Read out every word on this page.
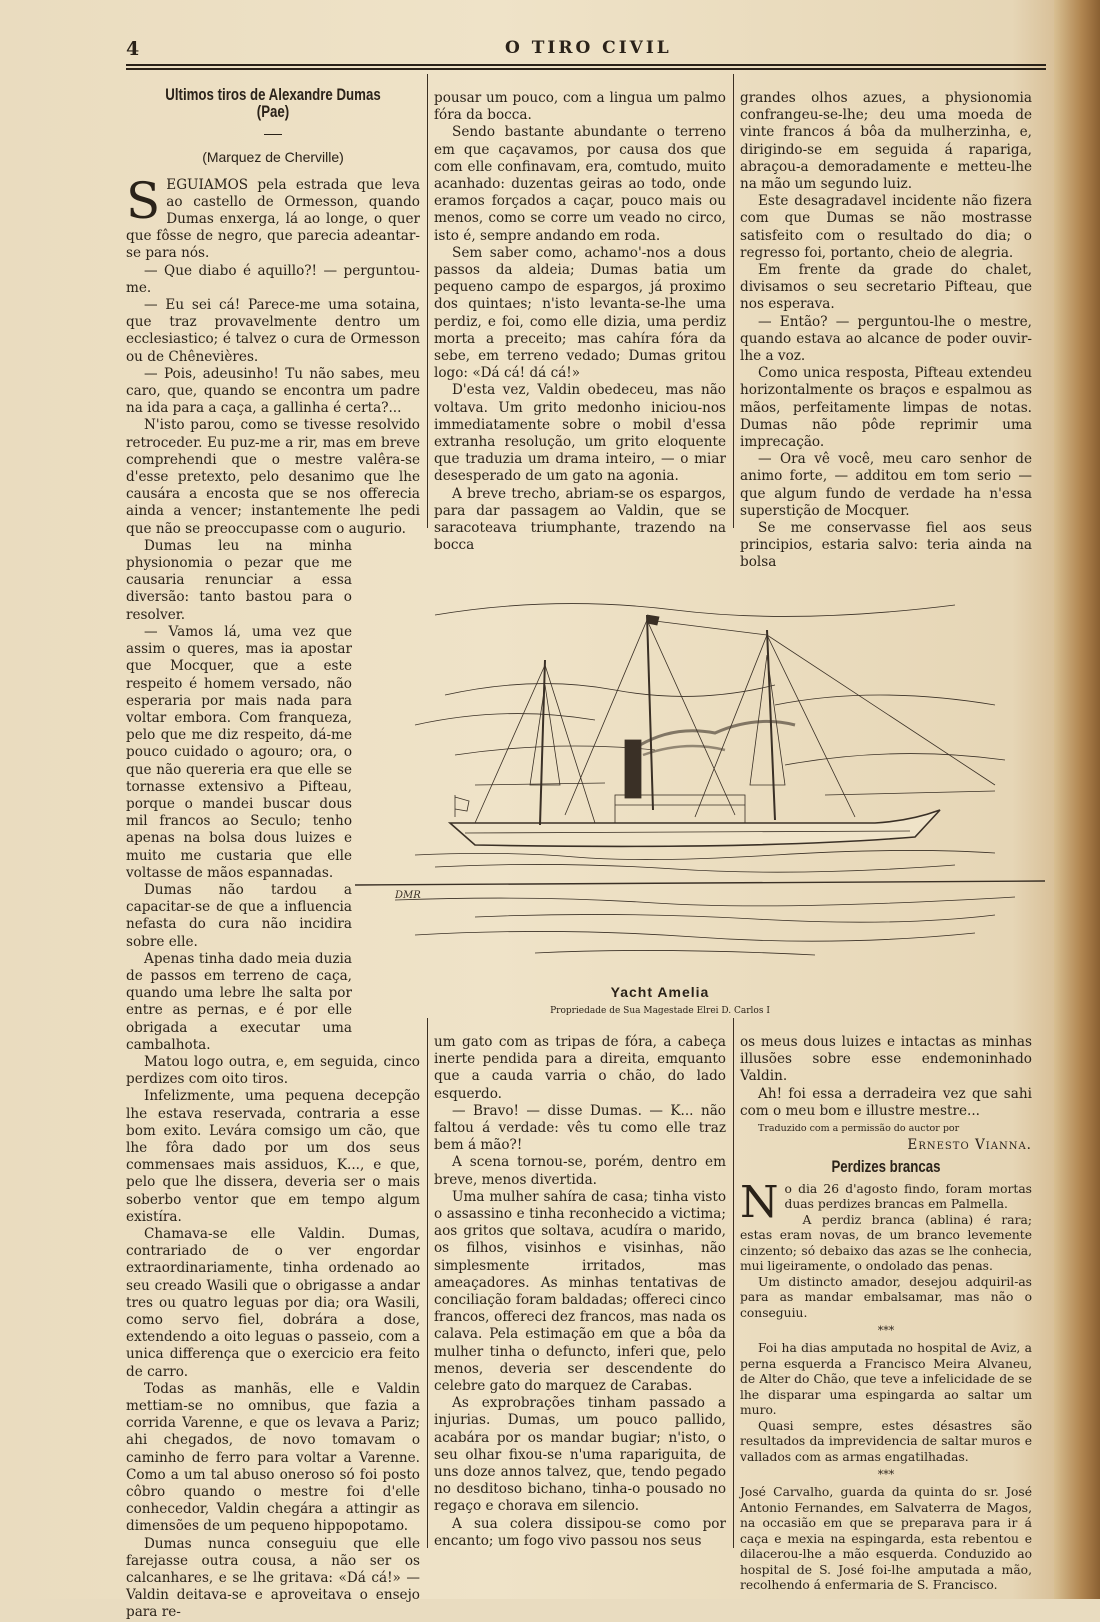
4	O TIRO CIVIL
Ultimos tiros de Alexandre Dumas (Pae)
(Marquez de Cherville)

SEGUIAMOS pela estrada que leva ao castello de Ormesson, quando Dumas enxerga, lá ao longe, o quer que fôsse de negro, que parecia adeantar-se para nós.

— Que diabo é aquillo?! — perguntou-me.

— Eu sei cá! Parece-me uma sotaina, que traz provavelmente dentro um ecclesiastico; é talvez o cura de Ormesson ou de Chênevières.

— Pois, adeusinho! Tu não sabes, meu caro, que, quando se encontra um padre na ida para a caça, a gallinha é certa?...

N'isto parou, como se tivesse resolvido retroceder. Eu puz-me a rir, mas em breve comprehendi que o mestre valêra-se d'esse pretexto, pelo desanimo que lhe causára a encosta que se nos offerecia ainda a vencer; instantemente lhe pedi que não se preoccupasse com o augurio.

Dumas leu na minha physionomia o pezar que me causaria renunciar a essa diversão: tanto bastou para o resolver.

— Vamos lá, uma vez que assim o queres, mas ia apostar que Mocquer, que a este respeito é homem versado, não esperaria por mais nada para voltar embora. Com franqueza, pelo que me diz respeito, dá-me pouco cuidado o agouro; ora, o que não quereria era que elle se tornasse extensivo a Pifteau, porque o mandei buscar dous mil francos ao Seculo; tenho apenas na bolsa dous luizes e muito me custaria que elle voltasse de mãos espannadas.

Dumas não tardou a capacitar-se de que a influencia nefasta do cura não incidira sobre elle.

Apenas tinha dado meia duzia de passos em terreno de caça, quando uma lebre lhe salta por entre as pernas, e é por elle obrigada a executar uma cambalhota.

Matou logo outra, e, em seguida, cinco perdizes com oito tiros.

Infelizmente, uma pequena decepção lhe estava reservada, contraria a esse bom exito. Levára comsigo um cão, que lhe fôra dado por um dos seus commensaes mais assiduos, K..., e que, pelo que lhe dissera, deveria ser o mais soberbo ventor que em tempo algum existíra.

Chamava-se elle Valdin. Dumas, contrariado de o ver engordar extraordinariamente, tinha ordenado ao seu creado Wasili que o obrigasse a andar tres ou quatro leguas por dia; ora Wasili, como servo fiel, dobrára a dose, extendendo a oito leguas o passeio, com a unica differença que o exercicio era feito de carro.

Todas as manhãs, elle e Valdin mettiam-se no omnibus, que fazia a corrida Varenne, e que os levava a Pariz; ahi chegados, de novo tomavam o caminho de ferro para voltar a Varenne. Como a um tal abuso oneroso só foi posto côbro quando o mestre foi d'elle conhecedor, Valdin chegára a attingir as dimensões de um pequeno hippopotamo.

Dumas nunca conseguiu que elle farejasse outra cousa, a não ser os calcanhares, e se lhe gritava: «Dá cá!» — Valdin deitava-se e aproveitava o ensejo para re-

pousar um pouco, com a lingua um palmo fóra da bocca.

Sendo bastante abundante o terreno em que caçavamos, por causa dos que com elle confinavam, era, comtudo, muito acanhado: duzentas geiras ao todo, onde eramos forçados a caçar, pouco mais ou menos, como se corre um veado no circo, isto é, sempre andando em roda.

Sem saber como, achamo'-nos a dous passos da aldeia; Dumas batia um pequeno campo de espargos, já proximo dos quintaes; n'isto levanta-se-lhe uma perdiz, e foi, como elle dizia, uma perdiz morta a preceito; mas cahíra fóra da sebe, em terreno vedado; Dumas gritou logo: «Dá cá! dá cá!»

D'esta vez, Valdin obedeceu, mas não voltava. Um grito medonho iniciou-nos immediatamente sobre o mobil d'essa extranha resolução, um grito eloquente que traduzia um drama inteiro, — o miar desesperado de um gato na agonia.

A breve trecho, abriam-se os espargos, para dar passagem ao Valdin, que se saracoteava triumphante, trazendo na bocca

grandes olhos azues, a physionomia confrangeu-se-lhe; deu uma moeda de vinte francos á bôa da mulherzinha, e, dirigindo-se em seguida á rapariga, abraçou-a demoradamente e metteu-lhe na mão um segundo luiz.

Este desagradavel incidente não fizera com que Dumas se não mostrasse satisfeito com o resultado do dia; o regresso foi, portanto, cheio de alegria.

Em frente da grade do chalet, divisamos o seu secretario Pifteau, que nos esperava.

— Então? — perguntou-lhe o mestre, quando estava ao alcance de poder ouvir-lhe a voz.

Como unica resposta, Pifteau extendeu horizontalmente os braços e espalmou as mãos, perfeitamente limpas de notas. Dumas não pôde reprimir uma imprecação.

— Ora vê você, meu caro senhor de animo forte, — additou em tom serio — que algum fundo de verdade ha n'essa superstição de Mocquer.

Se me conservasse fiel aos seus principios, estaria salvo: teria ainda na bolsa

DMR
Yacht Amelia
Propriedade de Sua Magestade Elrei D. Carlos I

um gato com as tripas de fóra, a cabeça inerte pendida para a direita, emquanto que a cauda varria o chão, do lado esquerdo.

— Bravo! — disse Dumas. — K... não faltou á verdade: vês tu como elle traz bem á mão?!

A scena tornou-se, porém, dentro em breve, menos divertida.

Uma mulher sahíra de casa; tinha visto o assassino e tinha reconhecido a victima; aos gritos que soltava, acudíra o marido, os filhos, visinhos e visinhas, não simplesmente irritados, mas ameaçadores. As minhas tentativas de conciliação foram baldadas; offereci cinco francos, offereci dez francos, mas nada os calava. Pela estimação em que a bôa da mulher tinha o defuncto, inferi que, pelo menos, deveria ser descendente do celebre gato do marquez de Carabas.

As exprobrações tinham passado a injurias. Dumas, um pouco pallido, acabára por os mandar bugiar; n'isto, o seu olhar fixou-se n'uma rapariguita, de uns doze annos talvez, que, tendo pegado no desditoso bichano, tinha-o pousado no regaço e chorava em silencio.

A sua colera dissipou-se como por encanto; um fogo vivo passou nos seus

os meus dous luizes e intactas as minhas illusões sobre esse endemoninhado Valdin.

Ah! foi essa a derradeira vez que sahi com o meu bom e illustre mestre...

Traduzido com a permissão do auctor por

Ernesto Vianna.

Perdizes brancas

No dia 26 d'agosto findo, foram mortas duas perdizes brancas em Palmella.

A perdiz branca (ablina) é rara; estas eram novas, de um branco levemente cinzento; só debaixo das azas se lhe conhecia, mui ligeiramente, o ondolado das penas.

Um distincto amador, desejou adquiril-as para as mandar embalsamar, mas não o conseguiu.

***

Foi ha dias amputada no hospital de Aviz, a perna esquerda a Francisco Meira Alvaneu, de Alter do Chão, que teve a infelicidade de se lhe disparar uma espingarda ao saltar um muro.

Quasi sempre, estes désastres são resultados da imprevidencia de saltar muros e vallados com as armas engatilhadas.

***

José Carvalho, guarda da quinta do sr. José Antonio Fernandes, em Salvaterra de Magos, na occasião em que se preparava para ir á caça e mexia na espingarda, esta rebentou e dilacerou-lhe a mão esquerda. Conduzido ao hospital de S. José foi-lhe amputada a mão, recolhendo á enfermaria de S. Francisco.
